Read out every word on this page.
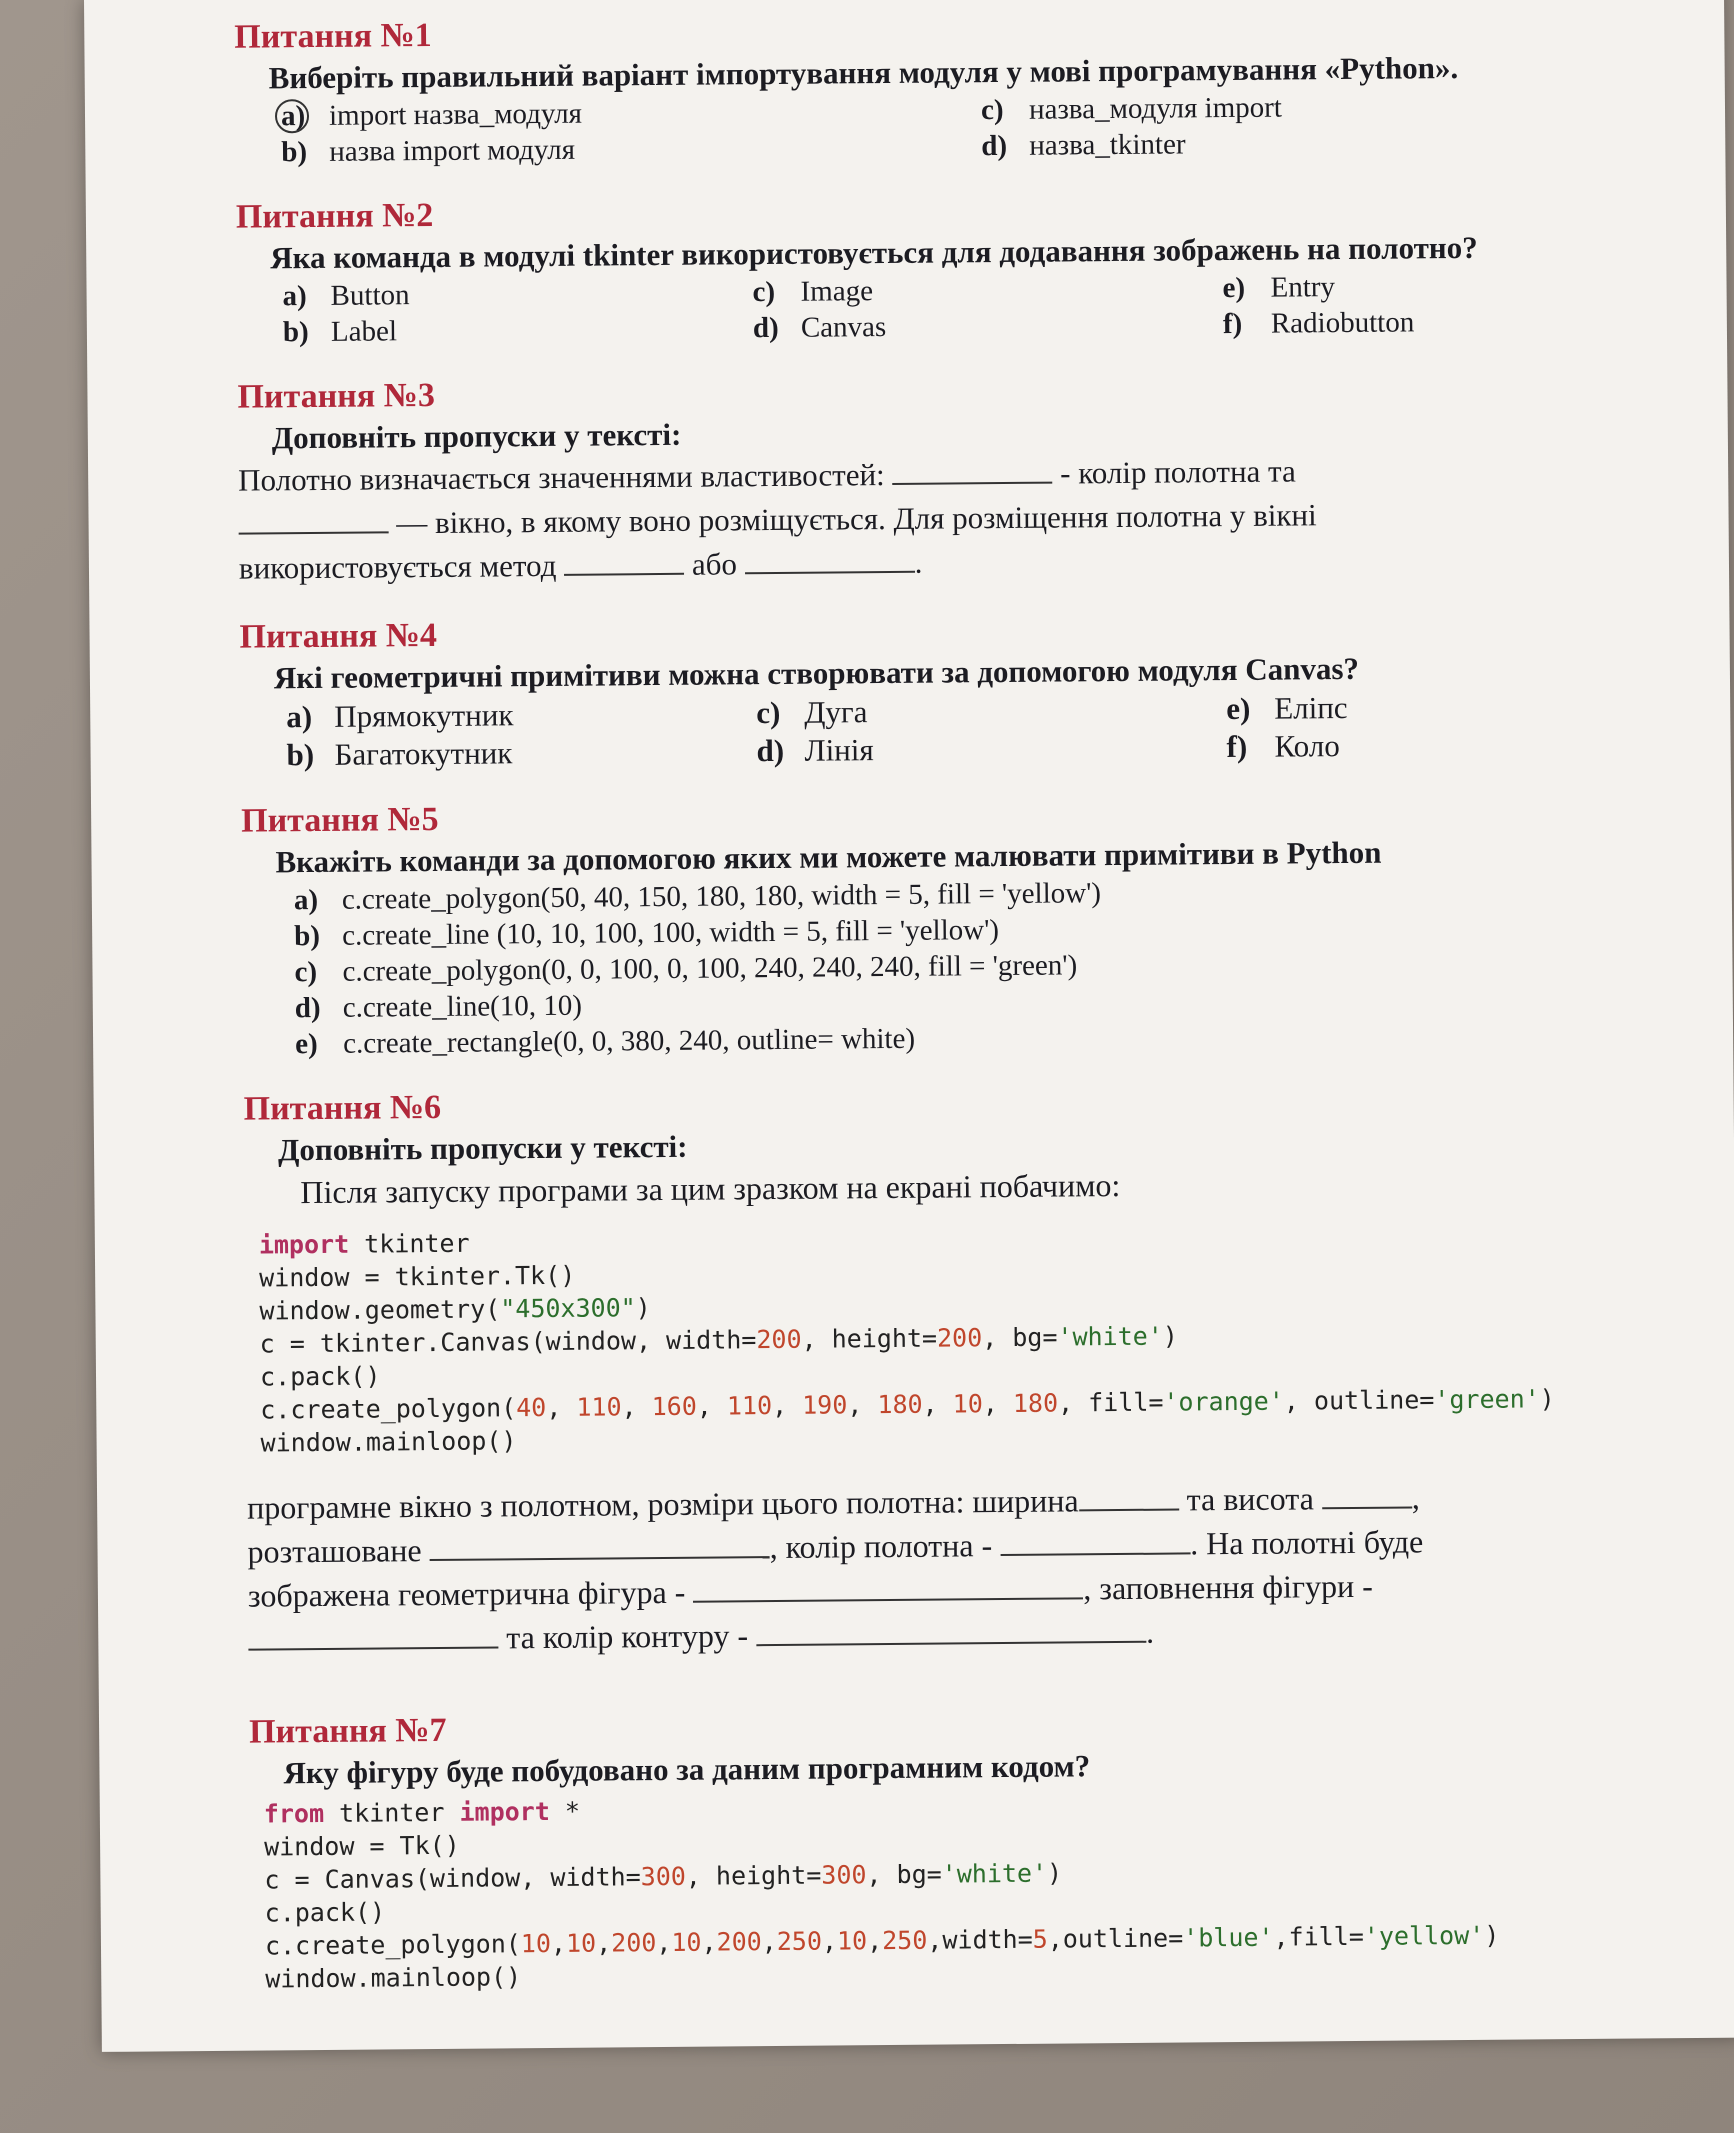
Питання №1
Виберіть правильний варіант імпортування модуля у мові програмування «Python».
a) import назва_модуля	c) назва_модуля import
b) назва import модуля	d) назва_tkinter
Питання №2
Яка команда в модулі tkinter використовується для додавання зображень на полотно?
a) Button	c) Image	e) Entry
b) Label	d) Canvas	f) Radiobutton
Питання №3
Доповніть пропуски у тексті:
Полотно визначається значеннями властивостей:	- колір полотна та
— вікно, в якому воно розміщується. Для розміщення полотна у вікні
використовується метод	або	.
Питання №4
Які геометричні примітиви можна створювати за допомогою модуля Canvas?
a) Прямокутник	c) Дуга	e) Еліпс
b) Багатокутник	d) Лінія	f) Коло
Питання №5
Вкажіть команди за допомогою яких ми можете малювати примітиви в Python
a) c.create_polygon(50, 40, 150, 180, 180, width = 5, fill = 'yellow')
b) c.create_line (10, 10, 100, 100, width = 5, fill = 'yellow')
c) c.create_polygon(0, 0, 100, 0, 100, 240, 240, 240, fill = 'green')
d) c.create_line(10, 10)
e) c.create_rectangle(0, 0, 380, 240, outline= white)
Питання №6
Доповніть пропуски у тексті:
Після запуску програми за цим зразком на екрані побачимо:
import tkinter
window = tkinter.Tk()
window.geometry("450x300")
c = tkinter.Canvas(window, width=200, height=200, bg='white')
c.pack()
c.create_polygon(40, 110, 160, 110, 190, 180, 10, 180, fill='orange', outline='green')
window.mainloop()
програмне вікно з полотном, розміри цього полотна: ширина	та висота	,
розташоване	, колір полотна -	. На полотні буде
зображена геометрична фігура -	, заповнення фігури -
та колір контуру -	.
Питання №7
Яку фігуру буде побудовано за даним програмним кодом?
from tkinter import *
window = Tk()
c = Canvas(window, width=300, height=300, bg='white')
c.pack()
c.create_polygon(10,10,200,10,200,250,10,250,width=5,outline='blue',fill='yellow')
window.mainloop()
